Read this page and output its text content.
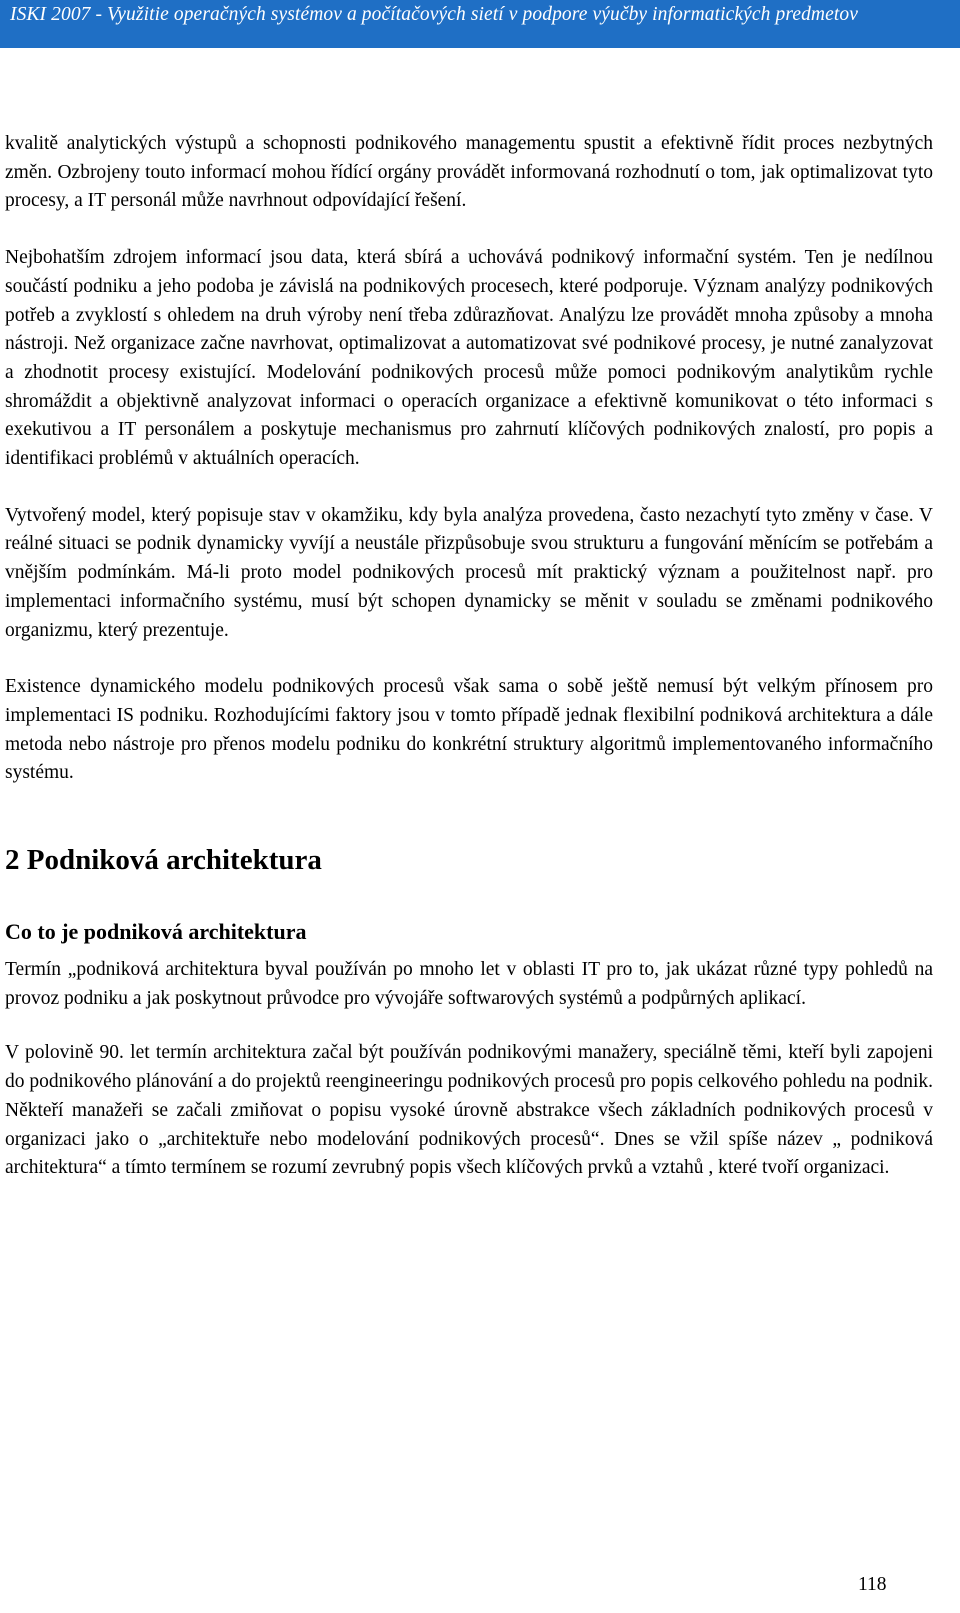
ISKI 2007 - Využitie operačných systémov a počítačových sietí v podpore výučby informatických predmetov

kvalitě analytických výstupů a schopnosti podnikového managementu spustit a efektivně řídit proces nezbytných změn. Ozbrojeny touto informací mohou řídící orgány provádět informovaná rozhodnutí o tom, jak optimalizovat tyto procesy, a IT personál může navrhnout odpovídající řešení.

Nejbohatším zdrojem informací jsou data, která sbírá a uchovává podnikový informační systém. Ten je nedílnou součástí podniku a jeho podoba je závislá na podnikových procesech, které podporuje. Význam analýzy podnikových potřeb a zvyklostí s ohledem na druh výroby není třeba zdůrazňovat. Analýzu lze provádět mnoha způsoby a mnoha nástroji. Než organizace začne navrhovat, optimalizovat a automatizovat své podnikové procesy, je nutné zanalyzovat a zhodnotit procesy existující. Modelování podnikových procesů může pomoci podnikovým analytikům rychle shromáždit a objektivně analyzovat informaci o operacích organizace a efektivně komunikovat o této informaci s exekutivou a IT personálem a poskytuje mechanismus pro zahrnutí klíčových podnikových znalostí, pro popis a identifikaci problémů v aktuálních operacích.

Vytvořený model, který popisuje stav v okamžiku, kdy byla analýza provedena, často nezachytí tyto změny v čase. V reálné situaci se podnik dynamicky vyvíjí a neustále přizpůsobuje svou strukturu a fungování měnícím se potřebám a vnějším podmínkám. Má-li proto model podnikových procesů mít praktický význam a použitelnost např. pro implementaci informačního systému, musí být schopen dynamicky se měnit v souladu se změnami podnikového organizmu, který prezentuje.

Existence dynamického modelu podnikových procesů však sama o sobě ještě nemusí být velkým přínosem pro implementaci IS podniku. Rozhodujícími faktory jsou v tomto případě jednak flexibilní podniková architektura a dále metoda nebo nástroje pro přenos modelu podniku do konkrétní struktury algoritmů implementovaného informačního systému.

2 Podniková architektura
Co to je podniková architektura

Termín „podniková architektura byval používán po mnoho let v oblasti IT pro to, jak ukázat různé typy pohledů na provoz podniku a jak poskytnout průvodce pro vývojáře softwarových systémů a podpůrných aplikací.

V polovině 90. let termín architektura začal být používán podnikovými manažery, speciálně těmi, kteří byli zapojeni do podnikového plánování a do projektů reengineeringu podnikových procesů pro popis celkového pohledu na podnik. Někteří manažeři se začali zmiňovat o popisu vysoké úrovně abstrakce všech základních podnikových procesů v organizaci jako o „architektuře nebo modelování podnikových procesů“. Dnes se vžil spíše název „ podniková architektura“ a tímto termínem se rozumí zevrubný popis všech klíčových prvků a vztahů , které tvoří organizaci.

118
